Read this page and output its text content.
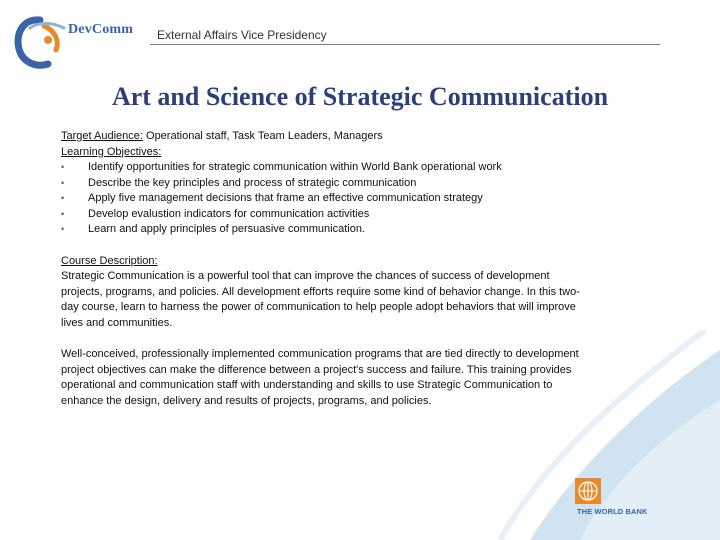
DevComm External Affairs Vice Presidency
Art and Science of Strategic Communication
Target Audience: Operational staff, Task Team Leaders, Managers
Learning Objectives:
• Identify opportunities for strategic communication within World Bank operational work
• Describe the key principles and process of strategic communication
• Apply five management decisions that frame an effective communication strategy
• Develop evalustion indicators for communication activities
• Learn and apply principles of persuasive communication.
Course Description:

Strategic Communication is a powerful tool that can improve the chances of success of development projects, programs, and policies. All development efforts require some kind of behavior change. In this two-day course, learn to harness the power of communication to help people adopt behaviors that will improve lives and communities.

Well-conceived, professionally implemented communication programs that are tied directly to development project objectives can make the difference between a project's success and failure. This training provides operational and communication staff with understanding and skills to use Strategic Communication to enhance the design, delivery and results of projects, programs, and policies.

THE WORLD BANK
